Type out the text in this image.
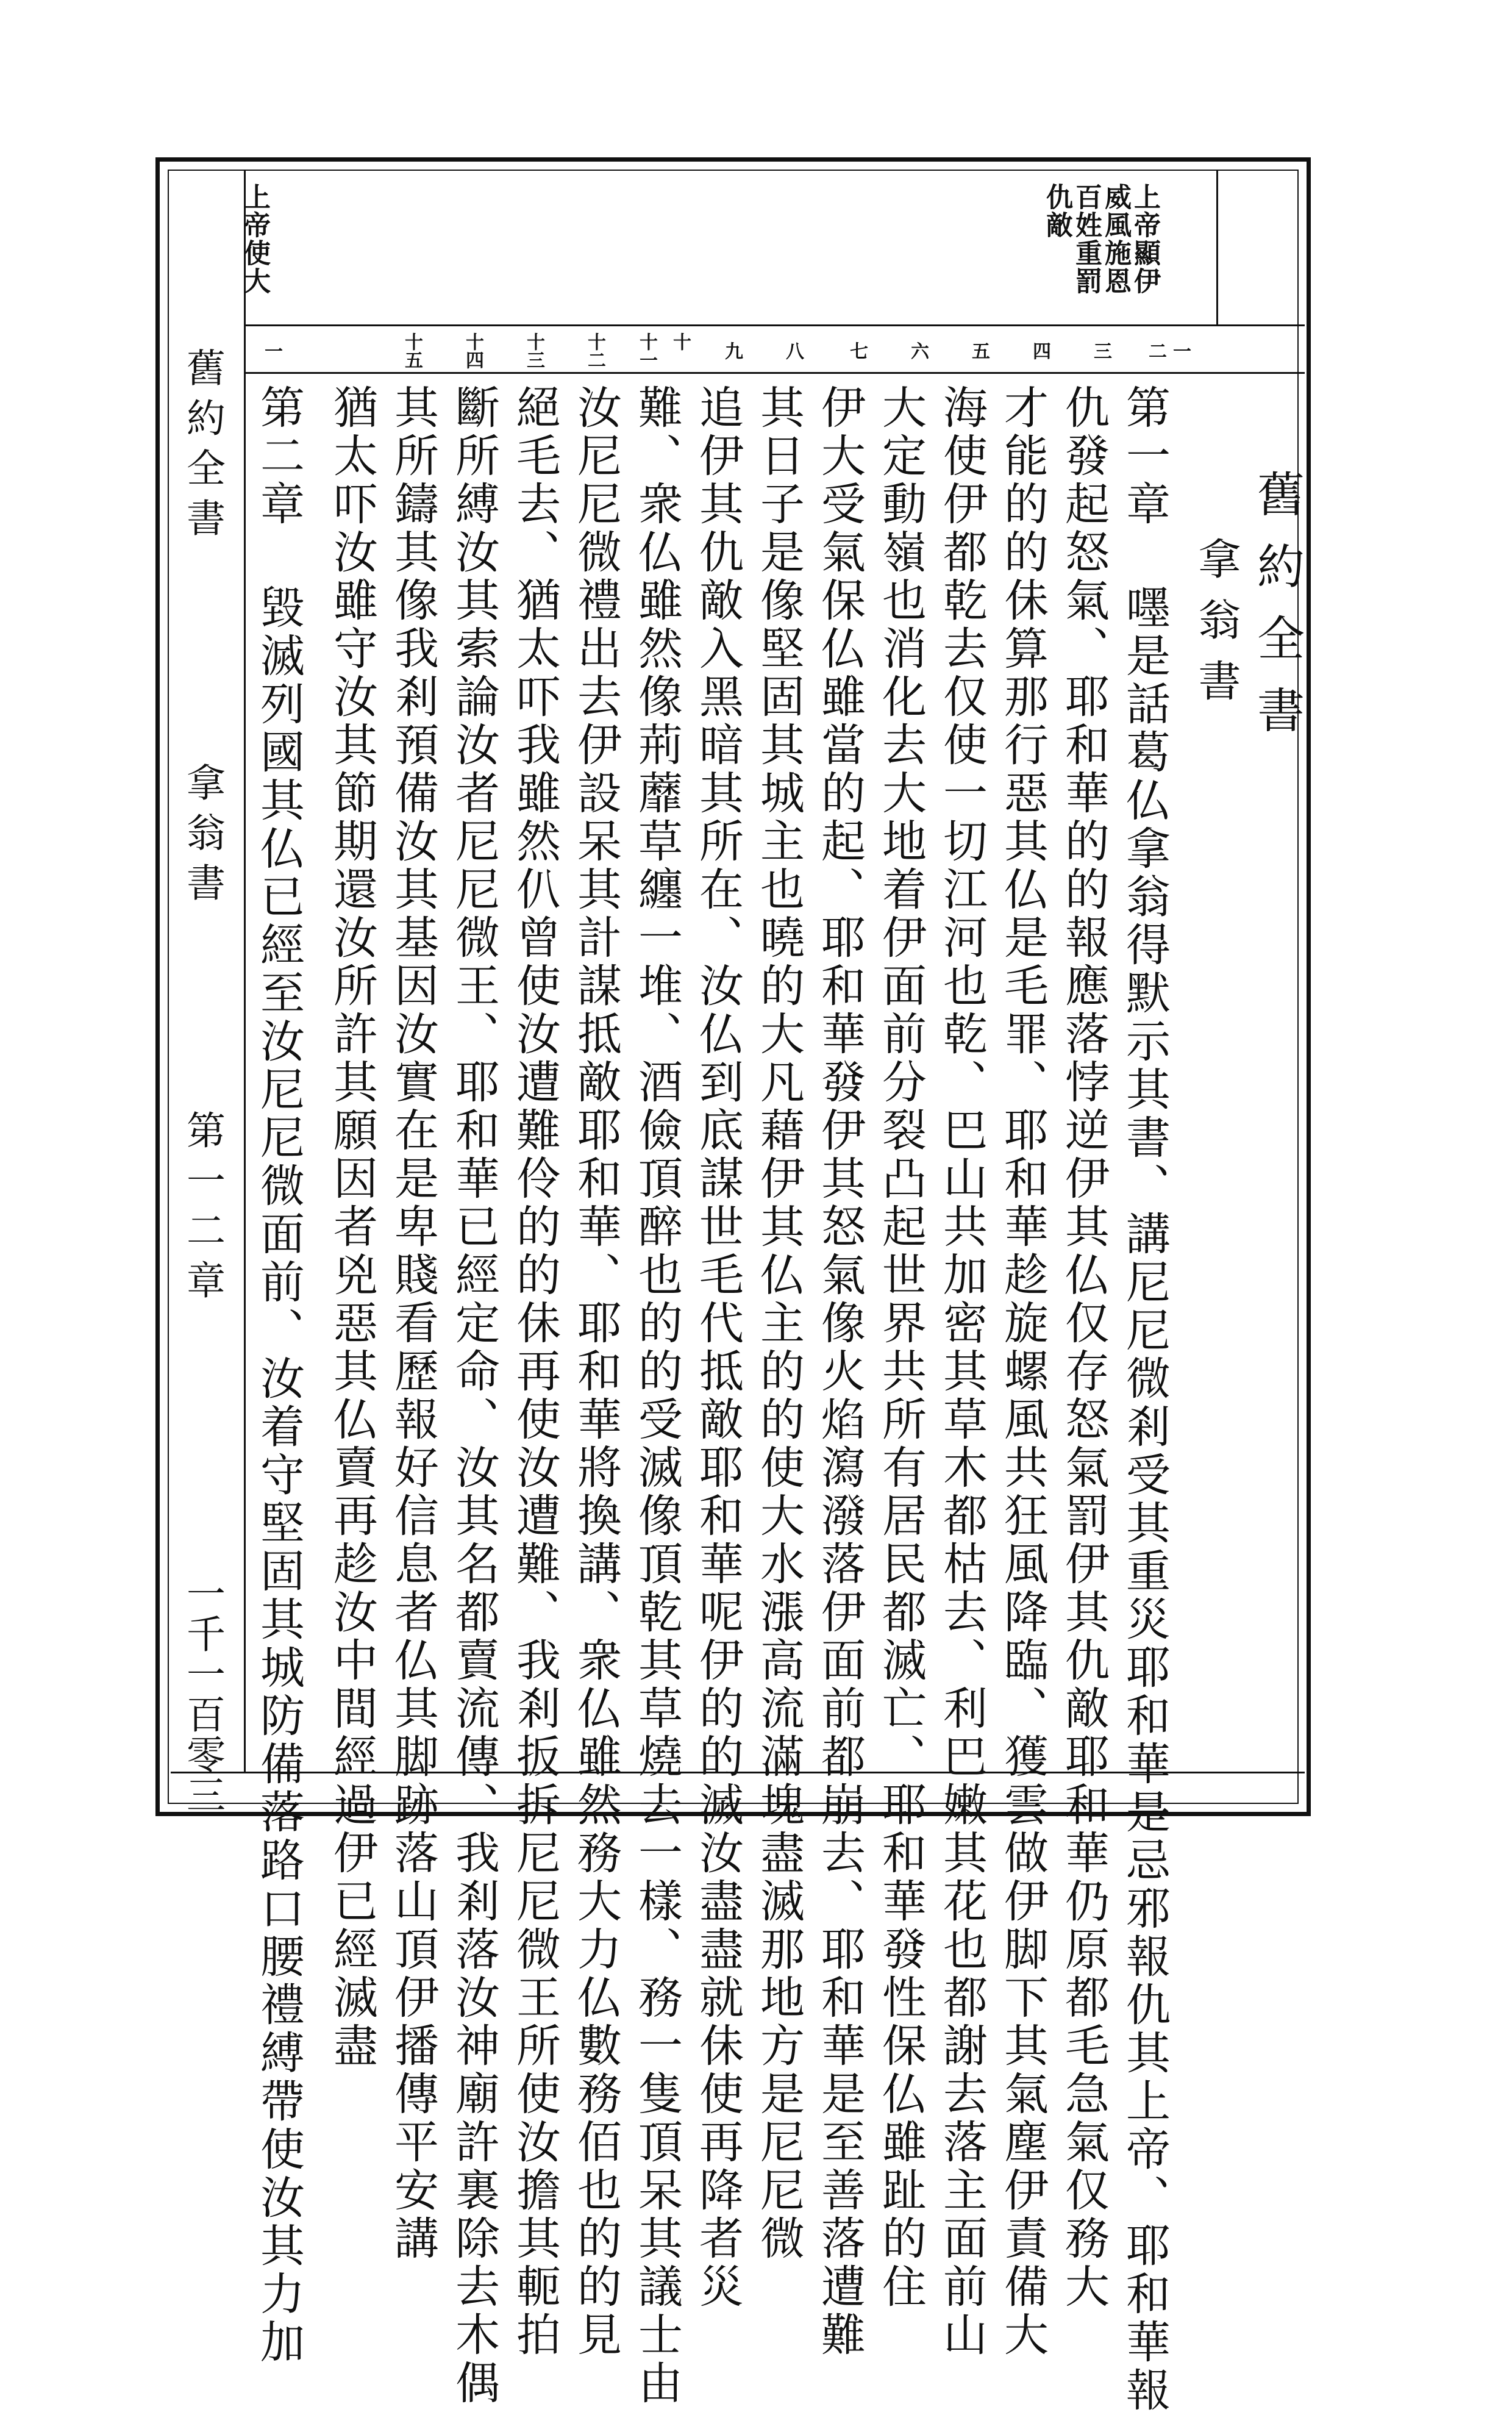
上帝使大	上帝顯伊
威風施恩
百姓重罰
仇敵
舊約全書
拿翁書
第一二章
一千一百零三
一
二
三
四
五
六
七
八
九
十
十一
十二
十三
十四
十五
一
舊約全書
拿翁書
第一章 嚜是話葛仏拿翁得默示其書、講尼尼微剎受其重災耶和華是忌邪報仇其上帝、耶和華報
仇發起怒氣、耶和華的的報應落悖逆伊其仏仅存怒氣罰伊其仇敵耶和華仍原都毛急氣仅務大
才能的的佅算那行惡其仏是毛罪、耶和華趁旋螺風共狂風降臨、獲雲做伊脚下其氣塵伊責備大
海使伊都乾去仅使一切江河也乾、巴山共加密其草木都枯去、利巴嫩其花也都謝去落主面前山
大定動嶺也消化去大地着伊面前分裂凸起世界共所有居民都滅亡、耶和華發性保仏雖趾的住
伊大受氣保仏雖當的起、耶和華發伊其怒氣像火焰瀉潑落伊面前都崩去、耶和華是至善落遭難
其日子是像堅固其城主也曉的大凡藉伊其仏主的的使大水漲高流滿塊盡滅那地方是尼尼微
追伊其仇敵入黑暗其所在、汝仏到底謀世毛代抵敵耶和華呢伊的的滅汝盡盡就佅使再降者災
難、衆仏雖然像荊蘼草纏一堆、酒儉頂醉也的的受滅像頂乾其草燒去一樣、務一隻頂呆其議士由
汝尼尼微禮出去伊設呆其計謀抵敵耶和華、耶和華將換講、衆仏雖然務大力仏數務佰也的的見
絕毛去、猶太吓我雖然仈曾使汝遭難伶的的佅再使汝遭難、我剎扳拆尼尼微王所使汝擔其軛拍
斷所縛汝其索論汝者尼尼微王、耶和華已經定命、汝其名都賣流傳、我剎落汝神廟許裏除去木偶
其所鑄其像我剎預備汝其基因汝實在是卑賤看歷報好信息者仏其脚跡落山頂伊播傳平安講
猶太吓汝雖守汝其節期還汝所許其願因者兇惡其仏賣再趁汝中間經過伊已經滅盡
第二章 毀滅列國其仏已經至汝尼尼微面前、汝着守堅固其城防備落路口腰禮縛帶使汝其力加
